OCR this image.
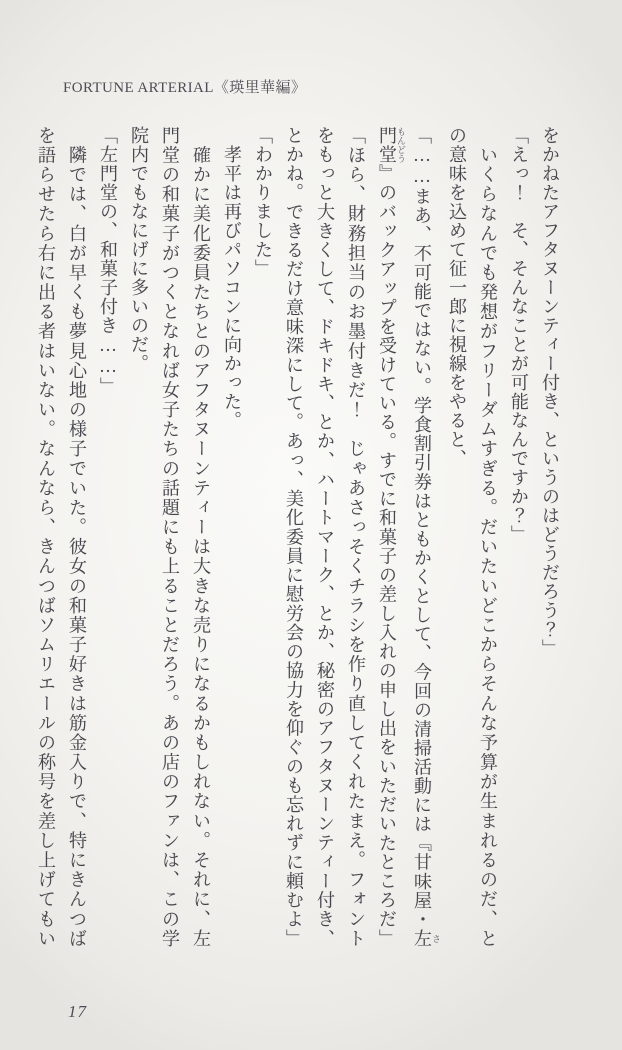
FORTUNE ARTERIAL《瑛里華編》

をかねたアフタヌーンティー付き、というのはどうだろう？」

「えっ！　そ、そんなことが可能なんですか？」

　いくらなんでも発想がフリーダムすぎる。だいたいどこからそんな予算が生まれるのだ、と

の意味を込めて征一郎に視線をやると、

「……まあ、不可能ではない。学食割引券はともかくとして、今回の清掃活動には『甘味屋・左 さ

門堂 もんどう』のバックアップを受けている。すでに和菓子の差し入れの申し出をいただいたところだ」

「ほら、財務担当のお墨付きだ！　じゃあさっそくチラシを作り直してくれたまえ。フォント

をもっと大きくして、ドキドキ、とか、ハートマーク、とか、秘密のアフタヌーンティー付き、

とかね。できるだけ意味深にして。あっ、美化委員に慰労会の協力を仰ぐのも忘れずに頼むよ」

「わかりました」

　孝平は再びパソコンに向かった。

　確かに美化委員たちとのアフタヌーンティーは大きな売りになるかもしれない。それに、左

門堂の和菓子がつくとなれば女子たちの話題にも上ることだろう。あの店のファンは、この学

院内でもなにげに多いのだ。

「左門堂の、和菓子付き……」

　隣では、白が早くも夢見心地の様子でいた。彼女の和菓子好きは筋金入りで、特にきんつば

を語らせたら右に出る者はいない。なんなら、きんつばソムリエールの称号を差し上げてもい

17
